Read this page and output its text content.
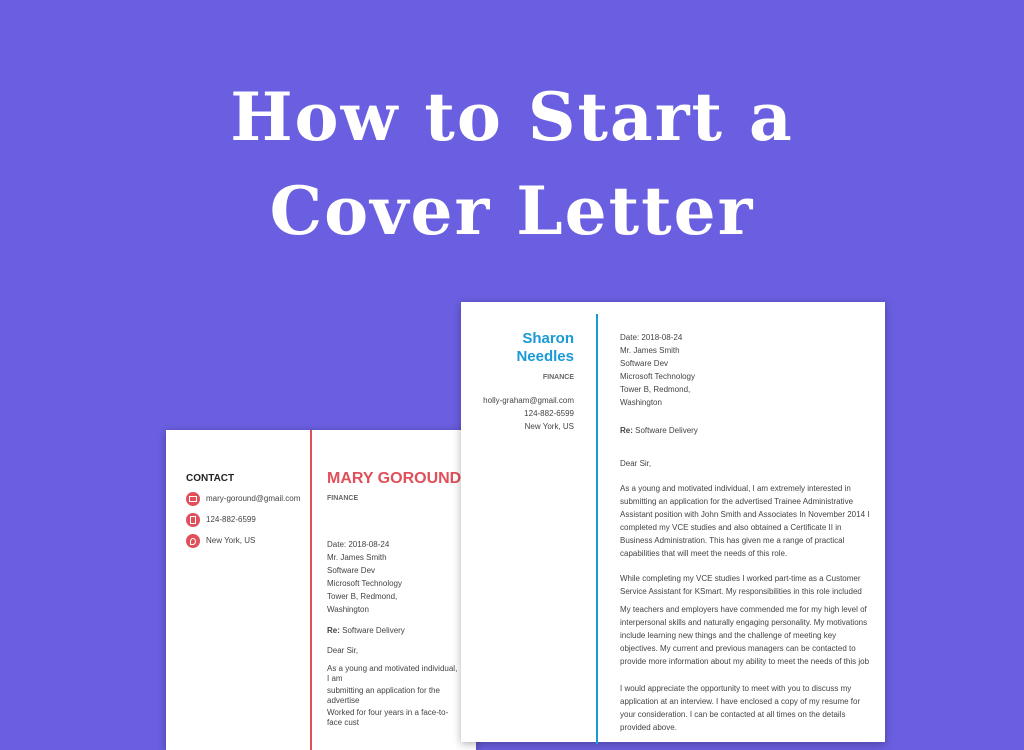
How to Start a
Cover Letter
CONTACT
mary-goround@gmail.com
124-882-6599
New York, US
MARY GOROUND
FINANCE
Date: 2018-08-24
Mr. James Smith
Software Dev
Microsoft Technology
Tower B, Redmond,
Washington
Re: Software Delivery
Dear Sir,
As a young and motivated individual, I am
submitting an application for the advertise
Worked for four years in a face-to-face cust
Sharon
Needles
FINANCE
holly-graham@gmail.com
124-882-6599
New York, US
Date: 2018-08-24
Mr. James Smith
Software Dev
Microsoft Technology
Tower B, Redmond,
Washington
Re: Software Delivery
Dear Sir,
As a young and motivated individual, I am extremely interested in
submitting an application for the advertised Trainee Administrative
Assistant position with John Smith and Associates In November 2014 I
completed my VCE studies and also obtained a Certificate II in
Business Administration. This has given me a range of practical
capabilities that will meet the needs of this role.
While completing my VCE studies I worked part-time as a Customer
Service Assistant for KSmart. My responsibilities in this role included
My teachers and employers have commended me for my high level of
interpersonal skills and naturally engaging personality. My motivations
include learning new things and the challenge of meeting key
objectives. My current and previous managers can be contacted to
provide more information about my ability to meet the needs of this job
I would appreciate the opportunity to meet with you to discuss my
application at an interview. I have enclosed a copy of my resume for
your consideration. I can be contacted at all times on the details
provided above.
